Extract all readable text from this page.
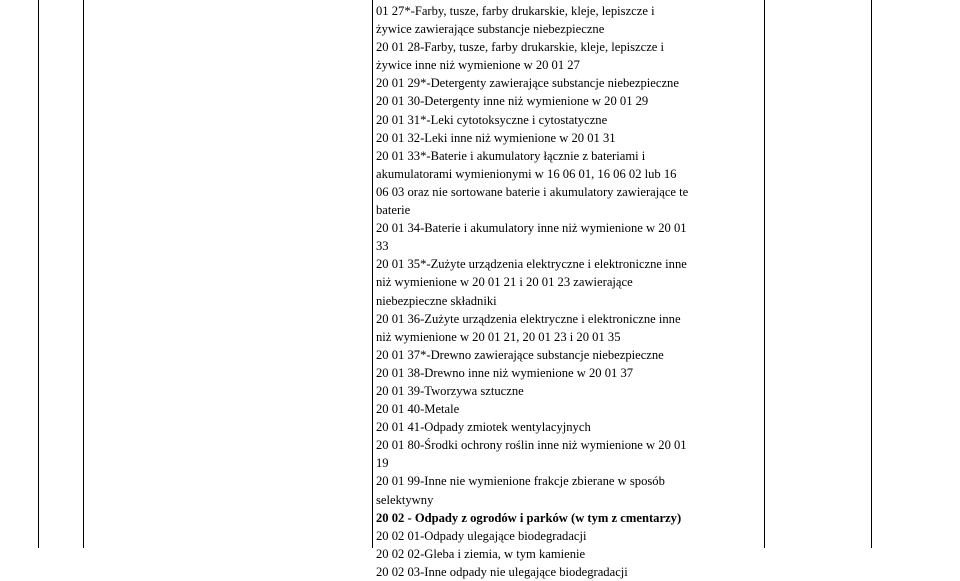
01 27*-Farby, tusze, farby drukarskie, kleje, lepiszcze i
żywice zawierające substancje niebezpieczne
20 01 28-Farby, tusze, farby drukarskie, kleje, lepiszcze i
żywice inne niż wymienione w 20 01 27
20 01 29*-Detergenty zawierające substancje niebezpieczne
20 01 30-Detergenty inne niż wymienione w 20 01 29
20 01 31*-Leki cytotoksyczne i cytostatyczne
20 01 32-Leki inne niż wymienione w 20 01 31
20 01 33*-Baterie i akumulatory łącznie z bateriami i
akumulatorami wymienionymi w 16 06 01, 16 06 02 lub 16
06 03 oraz nie sortowane baterie i akumulatory zawierające te
baterie
20 01 34-Baterie i akumulatory inne niż wymienione w 20 01
33
20 01 35*-Zużyte urządzenia elektryczne i elektroniczne inne
niż wymienione w 20 01 21 i 20 01 23 zawierające
niebezpieczne składniki
20 01 36-Zużyte urządzenia elektryczne i elektroniczne inne
niż wymienione w 20 01 21, 20 01 23 i 20 01 35
20 01 37*-Drewno zawierające substancje niebezpieczne
20 01 38-Drewno inne niż wymienione w 20 01 37
20 01 39-Tworzywa sztuczne
20 01 40-Metale
20 01 41-Odpady zmiotek wentylacyjnych
20 01 80-Środki ochrony roślin inne niż wymienione w 20 01
19
20 01 99-Inne nie wymienione frakcje zbierane w sposób
selektywny
20 02 - Odpady z ogrodów i parków (w tym z cmentarzy)
20 02 01-Odpady ulegające biodegradacji
20 02 02-Gleba i ziemia, w tym kamienie
20 02 03-Inne odpady nie ulegające biodegradacji
